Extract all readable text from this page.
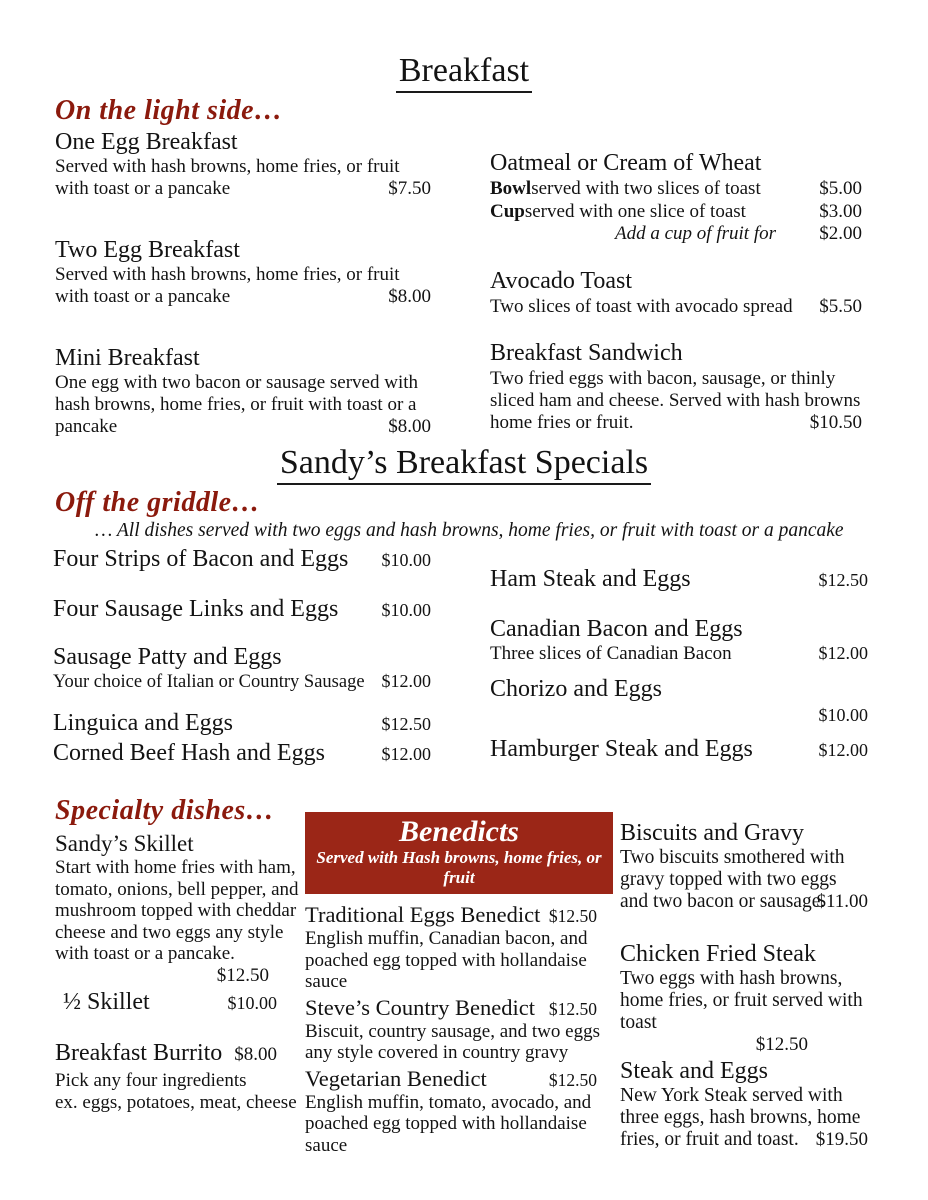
Breakfast
On the light side…
One Egg Breakfast
Served with hash browns, home fries, or fruit with toast or a pancake	$7.50
Two Egg Breakfast
Served with hash browns, home fries, or fruit with toast or a pancake	$8.00
Mini Breakfast
One egg with two bacon or sausage served with hash browns, home fries, or fruit with toast or a pancake	$8.00
Oatmeal or Cream of Wheat
Bowl served with two slices of toast	$5.00
Cup served with one slice of toast	$3.00
Add a cup of fruit for	$2.00
Avocado Toast
Two slices of toast with avocado spread $5.50
Breakfast Sandwich
Two fried eggs with bacon, sausage, or thinly sliced ham and cheese. Served with hash browns home fries or fruit.	$10.50
Sandy’s Breakfast Specials
Off the griddle…
… All dishes served with two eggs and hash browns, home fries, or fruit with toast or a pancake
Four Strips of Bacon and Eggs $10.00
Four Sausage Links and Eggs $10.00
Sausage Patty and Eggs
Your choice of Italian or Country Sausage $12.00
Linguica and Eggs	$12.50
Corned Beef Hash and Eggs	$12.00
Ham Steak and Eggs	$12.50
Canadian Bacon and Eggs
Three slices of Canadian Bacon	$12.00
Chorizo and Eggs
$10.00
Hamburger Steak and Eggs	$12.00
Specialty dishes…
Sandy’s Skillet
Start with home fries with ham, tomato, onions, bell pepper, and mushroom topped with cheddar cheese and two eggs any style with toast or a pancake.
$12.50
½ Skillet	$10.00
Breakfast Burrito $8.00
Pick any four ingredients
ex. eggs, potatoes, meat, cheese
Benedicts
Served with Hash browns, home fries, or fruit
Traditional Eggs Benedict $12.50
English muffin, Canadian bacon, and poached egg topped with hollandaise sauce
Steve’s Country Benedict $12.50
Biscuit, country sausage, and two eggs any style covered in country gravy
Vegetarian Benedict	$12.50
English muffin, tomato, avocado, and poached egg topped with hollandaise sauce
Biscuits and Gravy
Two biscuits smothered with gravy topped with two eggs and two bacon or sausage.
$11.00
Chicken Fried Steak
Two eggs with hash browns, home fries, or fruit served with toast
$12.50
Steak and Eggs
New York Steak served with three eggs, hash browns, home fries, or fruit and toast. $19.50
